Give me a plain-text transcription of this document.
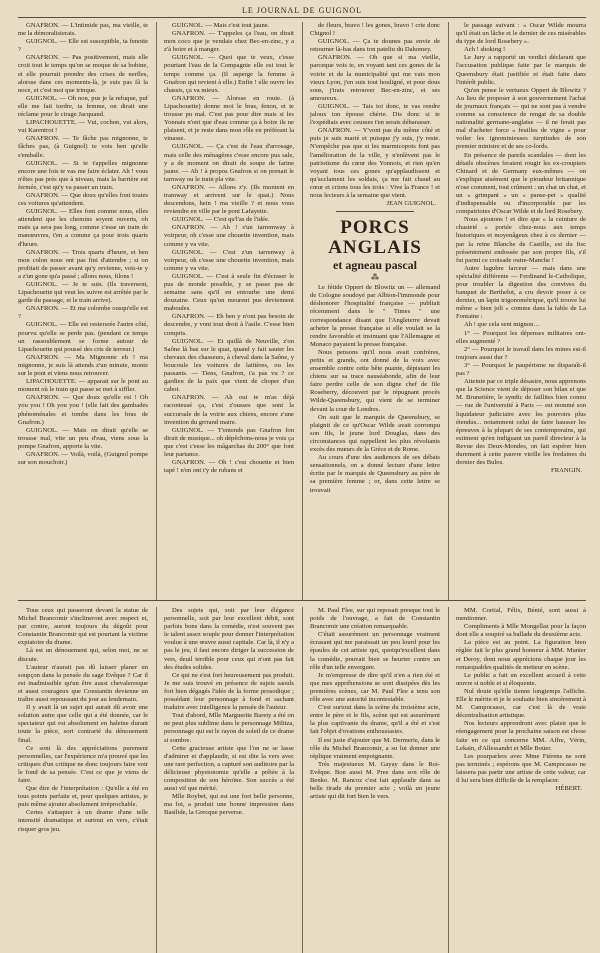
LE JOURNAL DE GUIGNOL

GNAFRON. — L'intimide pas, ma vieille, te me la démoralisterais.

GUIGNOL. — Elle est susceptible, ta fenotte ?

GNAFRON. — Pas positivement, mais elle croit tout le temps qu'on se moque de sa bobine, et elle pourrait prendre des crises de nerfles, alorsse dans ces moments-là, je suis pas fâ la noce, et c'est moi que trinque.

GUIGNOL. — Oh non, pus je la refuque, puf elle me fait tordre, ta femme, on dirait une réclame pour le cirage Jacquand.

LIPACHOUETTE. — Vui, cochon, vui alors, vui Karentrot !

GNAFRON. — Te fâche pas mignonne, te fâches pas, (à Guignol) te vois ben qu'elle s'emballe.

GUIGNOL. — Si te t'appelles mignonne encore une fois te vas me faire éclater. Ah ! vous n'êtes pas près que à niveau, mais la barrière est fermée, c'est qu'y va passer un train.

GNAFRON. — Que doux qu'elles font toutes ces voitures qu'attendent.

GUIGNOL. — Elles font comme nous, elles attendent que les chemins soyent ouverts, oh mais ça sera pas long, comme c'esse un train de manœuvres, t'en a comme ça pour trois quarts d'heure.

GNAFRON. — Trois quarts d'heure, et ben mon colon nous ont pas fini d'attendre ; si on profitait de passer avant qu'y revienne, vois-te y a z'un gone qu'a passé ; allons nous, filons !

GUIGNOL. — Je te suis. (Ils traversent, Lipachouette qui veut les suivre est arrêtée par le garde du passage, et le train arrive).

GNAFRON. — Et ma colombe ousqu'elle est ?

GUIGNOL. — Elle est restersrée l'autre côté, pourvu qu'elle se perde pas. (pendant ce temps un rassoublement se forme autour de Lipachouette qui poussé des cris de terreur.)

GNAFRON. — Ma Mignonne eh ! ma mignonne, je suis là attends z'un minute, monte sur le pont et viens nous retrouver.

LIPACHOUETTE. — apparait sur le pont au moment où le train qui passe se met à siffler.

GNAFRON. — Que doux qu'elle est ! Oh you you ! Oh you you ! (elle fait des gambades phénoménales et tombe dans les bras de Gnafron.)

GUIGNOL. — Mais on dirait qu'elle se trousse mal, vite un peu d'eau, viens sous la pompe Gnafron, apporte la vite.

GNAFRON. — Voilà, voilà, (Guignol pompe sur son mouchoir.)

GUIGNOL. — Mais c'est tout jaune.

GNAFRON. — T'appeles ça l'eau, on dirait mon coco que je vendais chez Bec-en-zinc, y a z'à boire et à manger.

GUIGNOL. — Quoi que te veux, c'esse pourtant l'eau de la Compagnie elle est tout le temps comme ça. (Il asperge la femme à Gnafron qui revient à elle.) Enfin ! elle ouvre les chassis, ça va mieux.

GNAFRON. — Alorsse en route. (à Lipachouette) donne moi le bras, fenon, et te trousse pu mal. C'est pas pour dire mais si les Yonnais n'ont que d'eau comme ça à boire ils ne plaisent, et je reste dans mon rôle en préférant la vinasse.

GUIGNOL. — Ça c'est de l'eau d'arrosage, mais celle des ménagères c'esse encore pus sale, y a de moment on dirait de soupe de farine jaune. — Ah ! à propos Gnafron si on prenait le tarnway ou le train pla vite.

GNAFRON. — Allons z'y. (Ils montent en tramway et arrivent sur le quai.) Nous descendons, hein ! ma vieille ? et nous vous reviendre en ville par le pont Lafayette.

GUIGNOL. — C'est qu'l'as de l'idée.

GNAFRON. — Ah ! s'un tarremway à voirpeur, oh c'esse une chouette invention, mais comme y va vite.

GUIGNOL. — C'est z'un tarrenway à voirpeur, oh c'esse une chouette invention, mais comme y va vite.

GUIGNOL. — C'est à seule fin d'écraser le pus de monde possible, y se passe pas de semaine sans qu'il en entourbe une demi douzaine. Ceux qu'on meurent pus deviennent maboules.

GNAFRON. — Eh ben y n'ont pas besoin de descendre, y vont tout droit à l'asile. C'esse bien compris.

GUIGNOL. — Et quillà de Neuville, z'on Saône là bas sur le quai, quand y fait sauter les chevaux des chasseurs, à cheval dans la Saône, y boucoule les voitures de laitières, ou les passants. — Tiens, Gnafron, t'a pas vu ? ce gardien de la paix que vient de choper d'un cabot.

GNAFRON. — Ah oui te m'as déjà raconteusé ça, c'est z'ousses que sont la succursale de la voirie aux chiens, encore z'une invention du grrrand maire.

GUIGNOL. — T'entends pas Gnafron fon dirait de musique... oh dépêchons-nous je vois ça que c'est c'esse les mâgarchas du 200° que font leur partance.

GNAFRON. — Oh ! c'est chouette et bien tapé ! n'en ont t'y de rubans et

de fleurs, bravo ! les gones, bravo ! crie donc Chignol !

GUIGNOL. — Ça te dounes pas envie de retourner là-bas dans ton pateliu du Dahomey.

GNAFRON. — Oh que si ma vieille, parceque vois te, en voyant tant ces gones de la voirie et de la municipalité qui me vais mon vieux Lyon, j'en suis tout houligné, et pour dous sous, j'irais retrouver Bec-en-zinc, et ses amoureux.

GUIGNOL. — Tais toi donc, te vas rendre jaloux ton épouse chérie. Dis donc si te l'expédiais avec ceusses t'en serais débarasser.

GNAFRON. — Y'vont pas du même côté et puis je suis marié et puisque j'y suis, j'y reste. N'empêche pas que si les marmicopots font pas l'amélioration de la ville, y n'enlèvent pas le patriotisme du cœur des Yonnois, et rien qu'en voyant tous ces gones qu'applaudissent et qu'acclament les soldats, ça me fait chaud au cœur et crions tous les trois : Vive la France ! et nous lecteurs à la semaine que vient.

JEAN GUIGNOL.
PORCS ANGLAIS
et agneau pascal
⁂

Le fétide Oppert de Blowitz un — allemand de Cologne soudoyé par Albion-l'immonde pour déshonorer l'hospitalité française — publiait récemment dans le " Times " une correspondance disant que l'Angleterre devait acheter la presse française si elle voulait se la rendre favorable et insinuant que l'Allemagne et Monaco payaient la presse française.

Nous pensons qu'il nous avait confrères, petits et grands, ont donné de la voix avec ensemble contre cette bête puante, dépistant les chiens sur sa trace nauséabonde, afin de leur faire perdre celle de son digne chef de file Roseberry, découvert par le répugnant procès Wilde-Queensbury, qui vient de se terminer devant la cour de Londres.

On suit que le marquis de Queensbury, se plaignit de ce qu'Oscar Wilde avait corrompu son fils, le jeune lord Douglas, dans des circonstances qui rappellent les plus révoltants excès des mœurs de la Grèce et de Rome.

Au cours d'une des audiences de ses débats sensationnels, on a donné lecture d'une lettre écrite par le marquis de Queensbury au père de sa première femme ; or, dans cette lettre se trouvait

le passage suivant : « Oscar Wilde mourra qu'il était un lâche et le dernier de ces misérables du type de lord Rosebery ».

Ach ! shoking !

Le Jury a rapporté un verdict déclarant que l'accusation publique faite par le marquis de Queensbury était justifiée et était faite dans l'intérêt public.

Qu'en pense le vertueux Oppert de Blowitz ? Au lieu de proposer à son gouvernement l'achat de journaux français — qui ne sont pas à vendre comme sa conscience de rengat de sa double nationalité germano-anglaise — il ne ferait pas mal d'acheter force « feuilles de vigne » pour voiler les ignominieuses turpitudes de son premier ministre et de ses co-lords.

En présence de pareils scandales — dont les détails obscènes feraient rougir les ex-croupiers Chinard et de Germany eux-mêmes — on s'explique aisément que le pioudeur britannique n'ose comment, tout crûment : un chat un chat, et un « grimpant » un « panse-pet » qualité d'indispensable ou d'incorporable par les compatriotes d'Oscar Wilde et de lord Rosebery.

Nous ajoutons ! et dire que « la ceinture de chasteté » portée chez-nous aux temps historiques et moyenâgeux chez à ce dernier — par la reine Blanche de Castille, est du fisc présentement endossée par son propre fils, s'il fut parmi ce croisade outre-Manche !

Autre lugubre farceur — mais dans une spécialité différente — Ferdinand le-Catholique, pour troubler la digestion des convives du banquet de Berthelot, a cru devoir poser à ce dernier, un lapin trigonométrique, qu'il trouve lui même « bien joli » comme dans la fable de La Fontaine :

Ah ! que cela sent mignon…

1° — Pourquoi les dépenses militaires ont-elles augmenté ?

2° — Pourquoi le travail dans les mines est-il toujours aussi dur ?

3° — Pourquoi le paupérisme ne disparaît-il pas ?

Atteinte par ce triple désastre, nous apprenons que la Science vient de déposer son bilan et que M. Brunetière, le syndic de faillites bien connu — rue de l'université à Paris — est nommé son liquidateur judiciaire avec les pouvoirs plus étendus... notamment celui de faire hausser les épreuves à la plupart de ses contemporains, qui estiment qu'en indiguant un pareil directeur à la Revue des Deux-Mondes, on fait espérer bien durement à cette pauvre vieille les fredaines du dernier des Bulos.

FRANGIN.

Tous ceux qui passeront devant la statue de Michel Brancomir s'inclineront avec respect et, par contre, auront toujours du dégoût pour Constantin Brancomir qui est pourtant la victime expiatoire du drame.

Là est un dénouement qui, selon moi, ne se discute.

L'auteur n'aurait pas dû laisser planer un soupçon dans la pensée du sage Evêque ? Car il est inadmissible qu'un être aussi chevaleresque et aussi courageux que Constantin devienne un traître aussi repoussant du jour au lendemain.

Il y avait là un sujet qui aurait dû avoir une solution autre que celle qui a été donnée, car le spectateur qui est absolument en haleine durant toute la pièce, sort contrarié du dénouement final.

Ce sont là des appréciations purement personnelles, car l'expérience m'a prouvé que les critiques d'un critique ne donc toujours faire voir le fond de sa pensée. C'est ce que je viens de faire.

Que dire de l'interprétation : Qu'elle a été en tous points parfaite et, pour quelques artistes, je puis même ajouter absolument irréprochable.

Certes s'attaquer à un drame d'une telle intensité dramatique et surtout en vers, c'était risquer gros jeu.

Des sujets qui, soit par leur élégance personnelle, soit par leur excellent débit, sont parfois bons dans la comédie, n'est souvent pas le talent assez souple pour donner l'interprétation voulue à une œuvre aussi capitale. Car là, il n'y a pas le jeu, il faut encore diriger la succession de vers, deuil terrible pour ceux qui n'ont pas fait des études solides.

Ce qui ne s'est fort heureusement pas produit. Je me suis trouvé en présence de sujets saouls fort bien dégagés l'idée de la forme prosodique ; possédant leur personnage à fond et sachant traduire avec intelligence la pensée de l'auteur.

Tout d'abord, Mlle Marguerite Barety a été on ne peut plus sublime dans le personnage Militza, personnage qui est le rayon de soleil de ce drame si sombre.

Cette gracieuse artiste que l'on ne se lasse d'admirer et d'applaudir, si est dite la vers avec une rare perfection, a capturé son auditoire par la délicieuse physionomie qu'elle a prêtée à la composition de son héroïne. Son succès a été aussi vif que mérité.

Mlle Roybet, qui est une fort belle personne, ma foi, a produit une bonne impression dans Basilide, la Grecque perverse.

M. Paul Flee, sur qui reposait presque tout le poids de l'ouvrage, a fait de Constantin Brancomir une création remarquable.

C'était assurément un personnage vraiment écrasant qui me paraissait un peu lourd pour les épaules de cet artiste qui, quoiqu'excellent dans la comédie, pouvait bien se heurter contre un rôle d'un telle envergure.

Je m'empresse de dire qu'il n'en a rien été et que mes appréhensions se sont dissipées dès les premières scènes, car M. Paul Flee a tenu son rôle avec une autorité incontestable.

C'est surtout dans la scène du troisième acte, entre le père et le fils, scène qui est assurément la plus captivante du drame, qu'il a été et s'est fait l'objet d'ovations enthousiastes.

Il est juste d'ajouter que M. Dermerie, dans le rôle du Michel Brancomir, a su lui donner une réplique vraiment empoignante.

Très majestueux M. Gayay dans le Roi-Evêque. Bon aussi M. Pree dans son rôle de Benko. M. Rancoz c'est fait applaudir dans sa belle tirade du premier acte ; voilà un jeune artiste qui dit fort bien le vers.

MM. Cortial, Félix, Bénié, sont aussi à mentionner.

Compliments à Mlle Mongellaz pour la façon dont elle a soupiré sa ballade du deuxième acte.

La pièce est au point. La figuration bien réglée fait le plus grand honneur à MM. Munier et Deroy, dont nous apprécions chaque jour les remarquables qualités de metteur en scène.

Le public a fait un excellent accueil à cette œuvre si noble et si éloquente.

Nul doute qu'elle tienne longtemps l'affiche. Elle le mérite et je le souhaite bien sincèrement à M. Campocasso, car c'est là de vraie décentralisation artistique.

Nos lecteurs apprendront avec plaisir que le réengagement pour la prochaine saison est chose faite en ce qui concerne MM. Affre, Vérin, Lekain, d'Allessandri et Mlle Boüer.

Les pourparlers avec Mme Fiérens ne sont pas terminés ; espérons que M. Campocasso ne laissera pas partir une artiste de cette valeur, car il lui sera bien difficile de la remplacer.

HÉBERT.
